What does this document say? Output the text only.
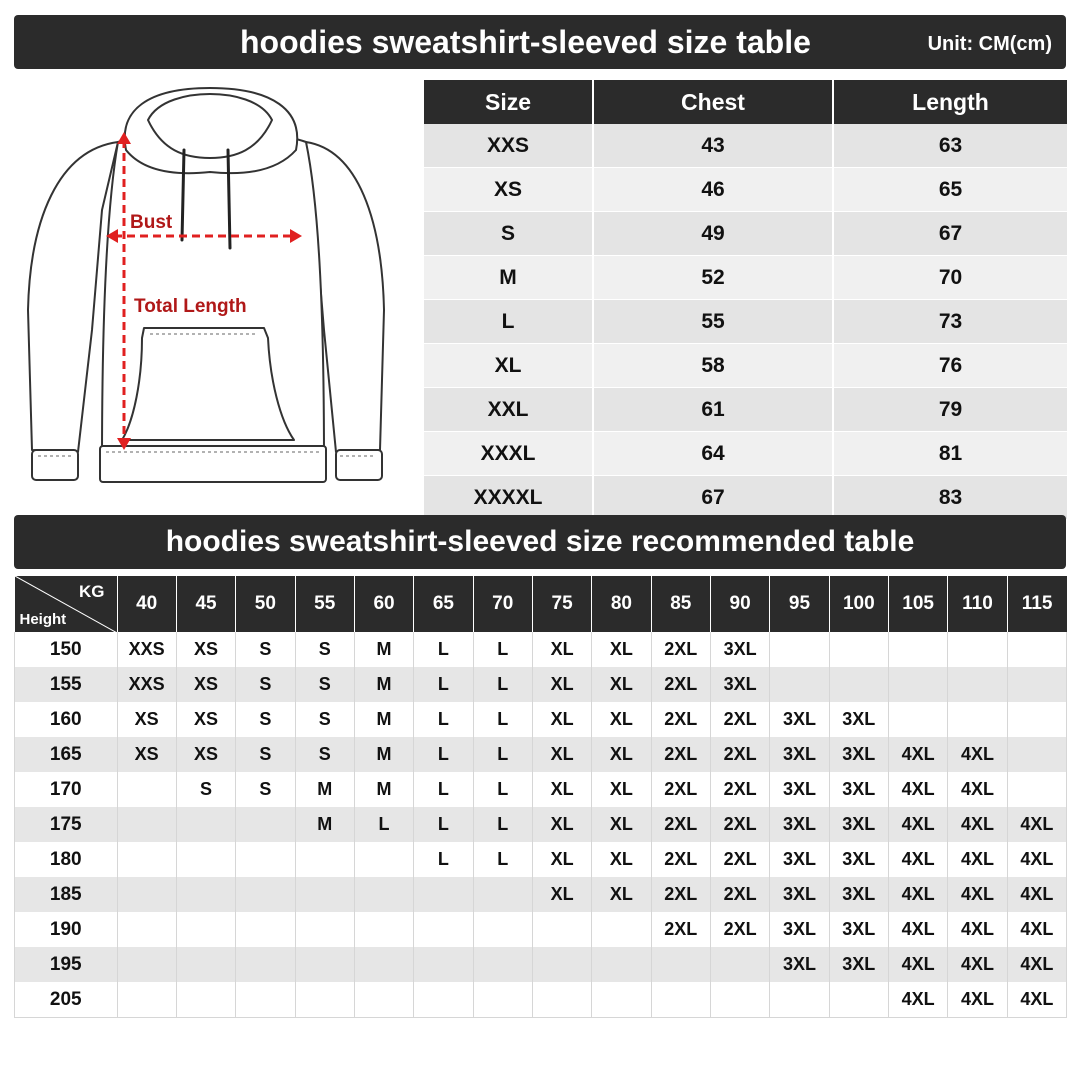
hoodies sweatshirt-sleeved size table	Unit: CM(cm)
Bust
Total Length
Size	Chest	Length
XXS	43	63
XS	46	65
S	49	67
M	52	70
L	55	73
XL	58	76
XXL	61	79
XXXL	64	81
XXXXL	67	83
hoodies sweatshirt-sleeved size recommended table
KG
Height	40	45	50	55	60	65	70	75	80	85	90	95	100	105	110	115
150	XXS	XS	S	S	M	L	L	XL	XL	2XL	3XL					
155	XXS	XS	S	S	M	L	L	XL	XL	2XL	3XL					
160	XS	XS	S	S	M	L	L	XL	XL	2XL	2XL	3XL	3XL			
165	XS	XS	S	S	M	L	L	XL	XL	2XL	2XL	3XL	3XL	4XL	4XL	
170		S	S	M	M	L	L	XL	XL	2XL	2XL	3XL	3XL	4XL	4XL	
175				M	L	L	L	XL	XL	2XL	2XL	3XL	3XL	4XL	4XL	4XL
180						L	L	XL	XL	2XL	2XL	3XL	3XL	4XL	4XL	4XL
185								XL	XL	2XL	2XL	3XL	3XL	4XL	4XL	4XL
190										2XL	2XL	3XL	3XL	4XL	4XL	4XL
195												3XL	3XL	4XL	4XL	4XL
205														4XL	4XL	4XL
